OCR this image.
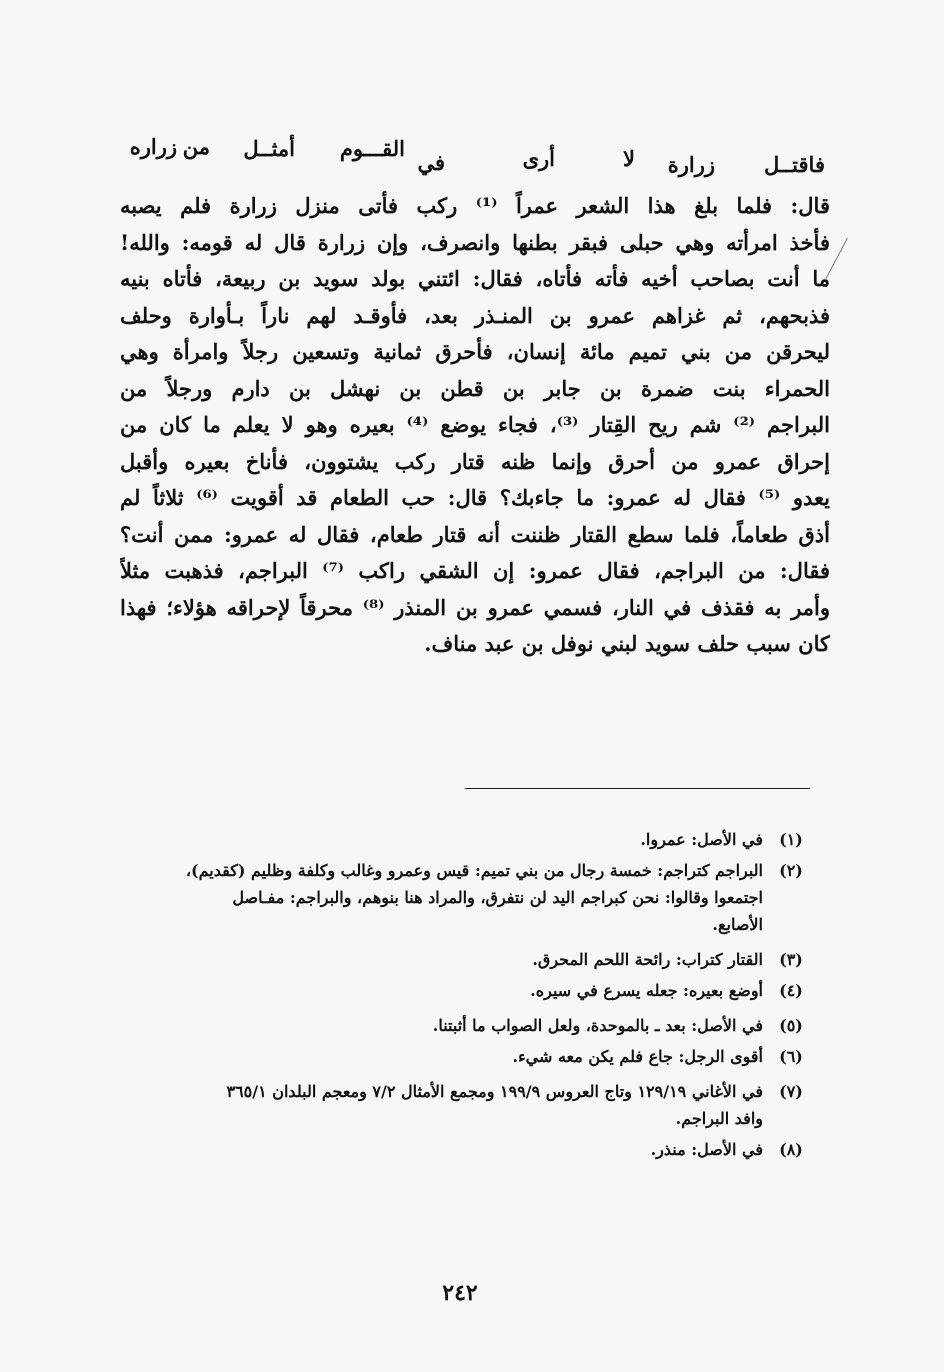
فاقتــل
زرارة
لا
أرى
في
القـــوم
أمثــل
من
زراره
قال: فلما بلغ هذا الشعر عمراً ⁽¹⁾ ركب فأتى منزل زرارة فلم يصبه
فأخذ امرأته وهي حبلى فبقر بطنها وانصرف، وإن زرارة قال له قومه: والله!
ما أنت بصاحب أخيه فأته فأتاه، فقال: ائتني بولد سويد بن ربيعة، فأتاه بنيه
فذبحهم، ثم غزاهم عمرو بن المنـذر بعد، فأوقـد لهم ناراً بـأوارة وحلف
ليحرقن من بني تميم مائة إنسان، فأحرق ثمانية وتسعين رجلاً وامرأة وهي
الحمراء بنت ضمرة بن جابر بن قطن بن نهشل بن دارم ورجلاً من
البراجم ⁽²⁾ شم ريح القِتار ⁽³⁾، فجاء يوضع ⁽⁴⁾ بعيره وهو لا يعلم ما كان من
إحراق عمرو من أحرق وإنما ظنه قتار ركب يشتوون، فأناخ بعيره وأقبل
يعدو ⁽⁵⁾ فقال له عمرو: ما جاءبك؟ قال: حب الطعام قد أقويت ⁽⁶⁾ ثلاثاً لم
أذق طعاماً، فلما سطع القتار ظننت أنه قتار طعام، فقال له عمرو: ممن أنت؟
فقال: من البراجم، فقال عمرو: إن الشقي راكب ⁽⁷⁾ البراجم، فذهبت مثلاً
وأمر به فقذف في النار، فسمي عمرو بن المنذر ⁽⁸⁾ محرقاً لإحراقه هؤلاء؛ فهذا
كان سبب حلف سويد لبني نوفل بن عبد مناف.
(١)
في الأصل: عمروا.
(٢)
البراجم كتراجم: خمسة رجال من بني تميم: قيس وعمرو وغالب وكلفة وظليم (كقديم)،
اجتمعوا وقالوا: نحن كبراجم اليد لن نتفرق، والمراد هنا بنوهم، والبراجم: مفـاصل
الأصابع.
(٣)
القتار كتراب: رائحة اللحم المحرق.
(٤)
أوضع بعيره: جعله يسرع في سيره.
(٥)
في الأصل: بعد ـ بالموحدة، ولعل الصواب ما أثبتنا.
(٦)
أقوى الرجل: جاع فلم يكن معه شيء.
(٧)
في الأغاني ١٢٩/١٩ وتاج العروس ١٩٩/٩ ومجمع الأمثال ٧/٢ ومعجم البلدان ٣٦٥/١
وافد البراجم.
(٨)
في الأصل: منذر.
٢٤٢
